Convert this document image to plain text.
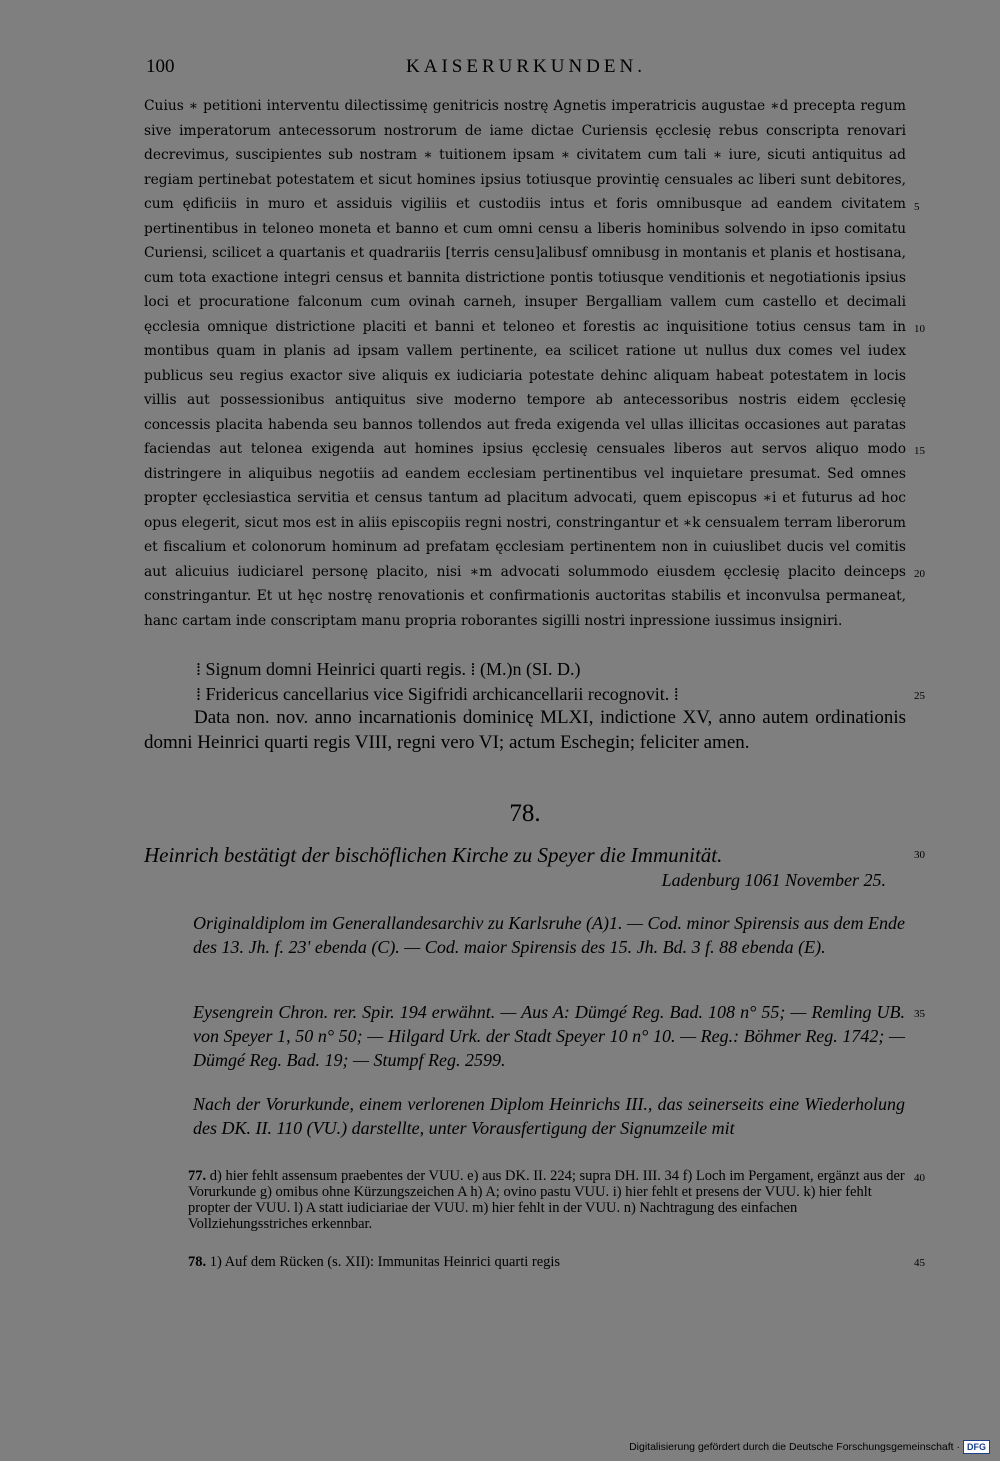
100	KAISERURKUNDEN.

Cuius ∗ petitioni interventu dilectissimę genitricis nostrę Agnetis imperatricis augustae ∗d precepta regum sive imperatorum antecessorum nostrorum de iame dictae Curiensis ęcclesię rebus conscripta renovari decrevimus, suscipientes sub nostram ∗ tuitionem ipsam ∗ civitatem cum tali ∗ iure, sicuti antiquitus ad regiam pertinebat potestatem et sicut homines ipsius totiusque provintię censuales ac liberi sunt debitores, cum ędificiis in muro et assiduis vigiliis et custodiis intus et foris omnibusque ad eandem civitatem pertinentibus in teloneo moneta et banno et cum omni censu a liberis hominibus solvendo in ipso comitatu Curiensi, scilicet a quartanis et quadrariis [terris censu]alibusf omnibusg in montanis et planis et hostisana, cum tota exactione integri census et bannita districtione pontis totiusque venditionis et negotiationis ipsius loci et procuratione falconum cum ovinah carneh, insuper Bergalliam vallem cum castello et decimali ęcclesia omnique districtione placiti et banni et teloneo et forestis ac inquisitione totius census tam in montibus quam in planis ad ipsam vallem pertinente, ea scilicet ratione ut nullus dux comes vel iudex publicus seu regius exactor sive aliquis ex iudiciaria potestate dehinc aliquam habeat potestatem in locis villis aut possessionibus antiquitus sive moderno tempore ab antecessoribus nostris eidem ęcclesię concessis placita habenda seu bannos tollendos aut freda exigenda vel ullas illicitas occasiones aut paratas faciendas aut telonea exigenda aut homines ipsius ęcclesię censuales liberos aut servos aliquo modo distringere in aliquibus negotiis ad eandem ecclesiam pertinentibus vel inquietare presumat. Sed omnes propter ęcclesiastica servitia et census tantum ad placitum advocati, quem episcopus ∗i et futurus ad hoc opus elegerit, sicut mos est in aliis episcopiis regni nostri, constringantur et ∗k censualem terram liberorum et fiscalium et colonorum hominum ad prefatam ęcclesiam pertinentem non in cuiuslibet ducis vel comitis aut alicuius iudiciarel personę placito, nisi ∗m advocati solummodo eiusdem ęcclesię placito deinceps constringantur. Et ut hęc nostrę renovationis et confirmationis auctoritas stabilis et inconvulsa permaneat, hanc cartam inde conscriptam manu propria roborantes sigilli nostri inpressione iussimus insigniri.

⁞ Signum domni Heinrici quarti regis. ⁞ (M.)n (SI. D.)
⁞ Fridericus cancellarius vice Sigifridi archicancellarii recognovit. ⁞
Data non. nov. anno incarnationis dominicę MLXI, indictione XV, anno autem ordinationis domni Heinrici quarti regis VIII, regni vero VI; actum Eschegin; feliciter amen.
78.
Heinrich bestätigt der bischöflichen Kirche zu Speyer die Immunität.
Ladenburg 1061 November 25.

Originaldiplom im Generallandesarchiv zu Karlsruhe (A)1. — Cod. minor Spirensis aus dem Ende des 13. Jh. f. 23' ebenda (C). — Cod. maior Spirensis des 15. Jh. Bd. 3 f. 88 ebenda (E).

Eysengrein Chron. rer. Spir. 194 erwähnt. — Aus A: Dümgé Reg. Bad. 108 n° 55; — Remling UB. von Speyer 1, 50 n° 50; — Hilgard Urk. der Stadt Speyer 10 n° 10. — Reg.: Böhmer Reg. 1742; — Dümgé Reg. Bad. 19; — Stumpf Reg. 2599.

Nach der Vorurkunde, einem verlorenen Diplom Heinrichs III., das seinerseits eine Wiederholung des DK. II. 110 (VU.) darstellte, unter Vorausfertigung der Signumzeile mit

77. d) hier fehlt assensum praebentes der VUU. e) aus DK. II. 224; supra DH. III. 34 f) Loch im Pergament, ergänzt aus der Vorurkunde g) omibus ohne Kürzungszeichen A h) A; ovino pastu VUU. i) hier fehlt et presens der VUU. k) hier fehlt propter der VUU. l) A statt iudiciariae der VUU. m) hier fehlt in der VUU. n) Nachtragung des einfachen Vollziehungsstriches erkennbar.

78. 1) Auf dem Rücken (s. XII): Immunitas Heinrici quarti regis

5
10
15
20
25
30
35
40
45
Digitalisierung gefördert durch die Deutsche Forschungsgemeinschaft · DFG
